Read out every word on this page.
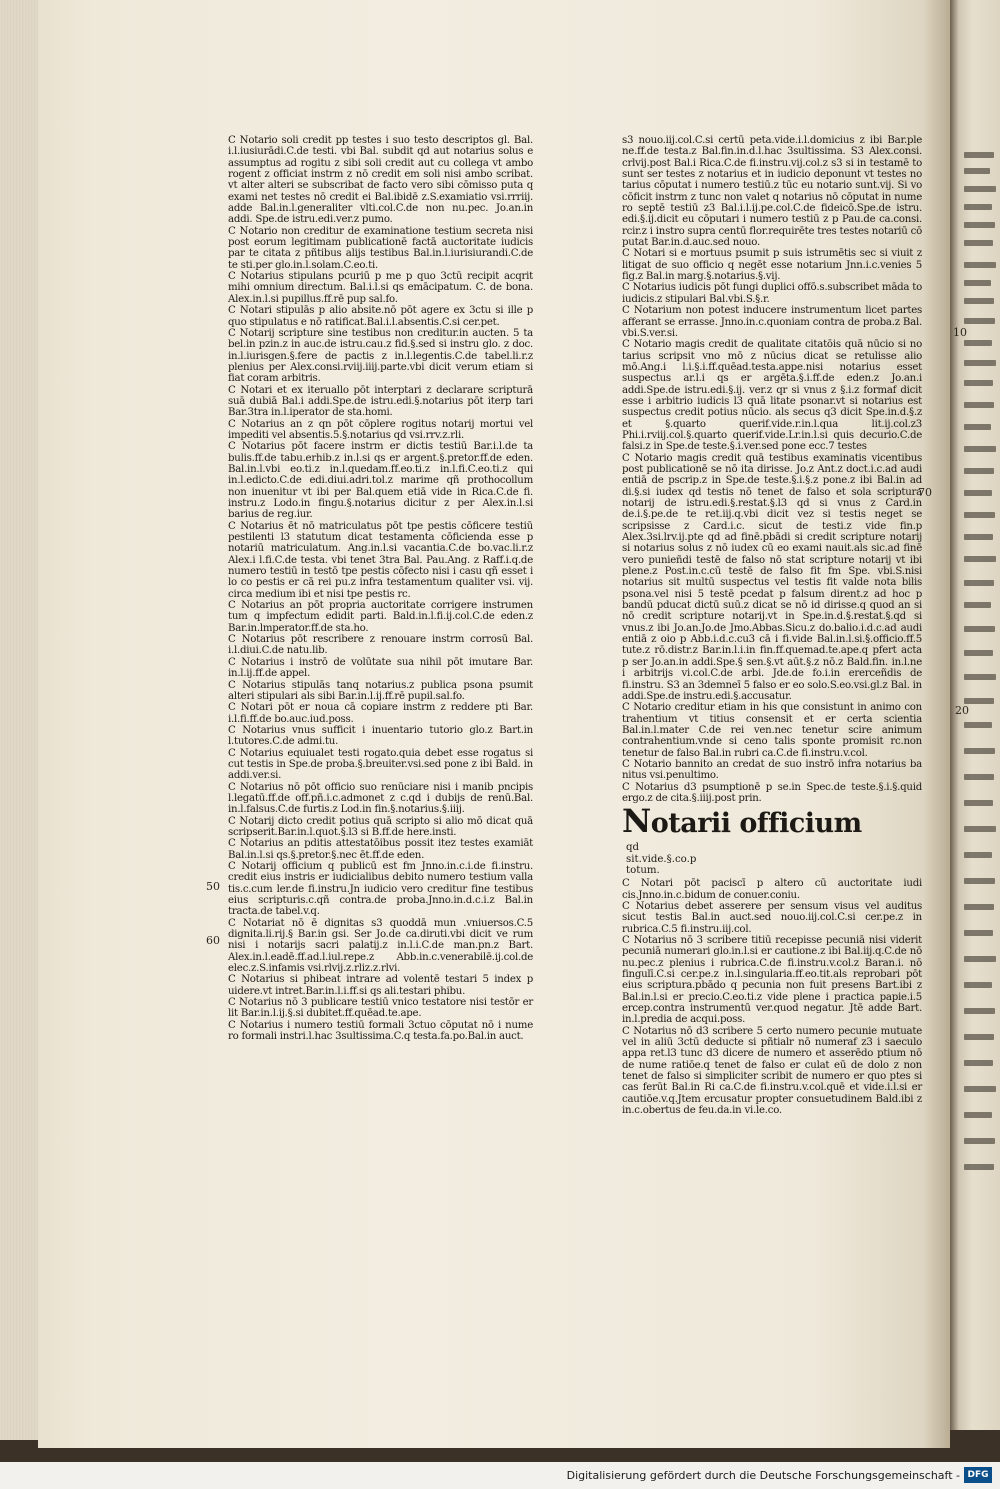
50
60
70

C Notario soli credit pp testes i suo testo descriptos gl. Bal. i.l.iusiurādi.C.de testi. vbi Bal. subdit qd aut notarius solus e assumptus ad rogitu z sibi soli credit aut cu collega vt ambo rogent z officiat instrm z nō credit em soli nisi ambo scribat. vt alter alteri se subscribat de facto vero sibi cōmisso puta q exami net testes nō credit ei Bal.ibidē z.S.examiatio vsi.rrriij. adde Bal.in.l.generaliter vlti.col.C.de non nu.pec. Jo.an.in addi. Spe.de istru.edi.ver.z pumo.

C Notario non creditur de examinatione testium secreta nisi post eorum legitimam publicationē factā auctoritate iudicis par te citata z pñtibus alijs testibus Bal.in.l.iurisiurandi.C.de te sti.per glo.in.l.solam.C.eo.ti.

C Notarius stipulans pcuriū p me p quo 3ctū recipit acqrit mihi omnium directum. Bal.i.l.si qs emācipatum. C. de bona. Alex.in.l.si pupillus.ff.rē pup sal.fo.

C Notari stipulās p alio absite.nō pōt agere ex 3ctu si ille p quo stipulatus e nō ratificat.Bal.i.l.absentis.C.si cer.pet.

C Notarij scripture sine testibus non creditur.in aucten. 5 ta bel.in pzin.z in auc.de istru.cau.z fid.§.sed si instru glo. z doc. in.l.iurisgen.§.fere de pactis z in.l.legentis.C.de tabel.li.r.z plenius per Alex.consi.rviij.iiij.parte.vbi dicit verum etiam si fiat coram arbitris.

C Notari et ex iteruallo pōt interptari z declarare scripturā suā dubiā Bal.i addi.Spe.de istru.edi.§.notarius pōt iterp tari Bar.3tra in.l.iperator de sta.homi.

C Notarius an z qn pōt cōplere rogitus notarij mortui vel impediti vel absentis.5.§.notarius qd vsi.rrv.z.rli.

C Notarius pōt facere instrm er dictis testiū Bar.i.l.de ta bulis.ff.de tabu.erhib.z in.l.si qs er argent.§.pretor.ff.de eden. Bal.in.l.vbi eo.ti.z in.l.quedam.ff.eo.ti.z in.l.fi.C.eo.ti.z qui in.l.edicto.C.de edi.diui.adri.tol.z marime qñ prothocollum non inuenitur vt ibi per Bal.quem etiā vide in Rica.C.de fi. instru.z Lodo.in fingu.§.notarius dicitur z per Alex.in.l.si barius de reg.iur.

C Notarius ēt nō matriculatus pōt tpe pestis cōficere testiū pestilenti l3 statutum dicat testamenta cōficienda esse p notariū matriculatum. Ang.in.l.si vacantia.C.de bo.vac.li.r.z Alex.i l.fi.C.de testa. vbi tenet 3tra Bal. Pau.Ang. z Raff.i.q.de numero testiū in testō tpe pestis cōfecto nisi i casu qñ esset i lo co pestis er cā rei pu.z infra testamentum qualiter vsi. vij. circa medium ibi et nisi tpe pestis rc.

C Notarius an pōt propria auctoritate corrigere instrumen tum q impfectum edidit parti. Bald.in.l.fi.ij.col.C.de eden.z Bar.in.lmperator.ff.de sta.ho.

C Notarius pōt rescribere z renouare instrm corrosū Bal. i.l.diui.C.de natu.lib.

C Notarius i instrō de volūtate sua nihil pōt imutare Bar. in.l.ij.ff.de appel.

C Notarius stipulās tanq notarius.z publica psona psumit alteri stipulari als sibi Bar.in.l.ij.ff.rē pupil.sal.fo.

C Notari pōt er noua cā copiare instrm z reddere pti Bar. i.l.fi.ff.de bo.auc.iud.poss.

C Notarius vnus sufficit i inuentario tutorio glo.z Bart.in l.tutores.C.de admi.tu.

C Notarius equiualet testi rogato.quia debet esse rogatus si cut testis in Spe.de proba.§.breuiter.vsi.sed pone z ibi Bald. in addi.ver.si.

C Notarius nō pōt officio suo renūciare nisi i manib pncipis l.legatū.ff.de off.pñ.i.c.admonet z c.qd i dubijs de renū.Bal. in.l.falsus.C.de furtis.z Lod.in fin.§.notarius.§.iiij.

C Notarij dicto credit potius quā scripto si alio mō dicat quā scripserit.Bar.in.l.quot.§.l3 si B.ff.de here.insti.

C Notarius an pditis attestatōibus possit itez testes examiāt Bal.in.l.si qs.§.pretor.§.nec ēt.ff.de eden.

C Notarij officium q publicū est fm Jnno.in.c.i.de fi.instru. credit eius instris er iudicialibus debito numero testium valla tis.c.cum ler.de fi.instru.Jn iudicio vero creditur fine testibus eius scripturis.c.qñ contra.de proba.Jnno.in.d.c.i.z Bal.in tracta.de tabel.v.q.

C Notariat nō ē dignitas s3 quoddā mun .vniuersos.C.5 dignita.li.rij.§ Bar.in gsi. Ser Jo.de ca.diruti.vbi dicit ve rum nisi i notarijs sacri palatij.z in.l.i.C.de man.pn.z Bart. Alex.in.l.eadē.ff.ad.l.iul.repe.z Abb.in.c.venerabilē.ij.col.de elec.z.S.infamis vsi.rlvij.z.rliz.z.rlvi.

C Notarius si phibeat intrare ad volentē testari 5 index p uidere.vt intret.Bar.in.l.i.ff.si qs ali.testari phibu.

C Notarius nō 3 publicare testiū vnico testatore nisi testōr er lit Bar.in.l.ij.§.si dubitet.ff.quēad.te.ape.

C Notarius i numero testiū formali 3ctuo cōputat nō i nume ro formali instri.l.hac 3sultissima.C.q testa.fa.po.Bal.in auct.

s3 nouo.iij.col.C.si certū peta.vide.i.l.domicius z ibi Bar.ple ne.ff.de testa.z Bal.fin.in.d.l.hac 3sultissima. S3 Alex.consi. crlvij.post Bal.i Rica.C.de fi.instru.vij.col.z s3 si in testamē to sunt ser testes z notarius et in iudicio deponunt vt testes no tarius cōputat i numero testiū.z tūc eu notario sunt.vij. Si vo cōficit instrm z tunc non valet q notarius nō cōputat in nume ro septē testiū z3 Bal.i.l.ij.pe.col.C.de fideicō.Spe.de istru. edi.§.ij.dicit eu cōputari i numero testiū z p Pau.de ca.consi. rcir.z i instro supra centū flor.requirēte tres testes notariū cō putat Bar.in.d.auc.sed nouo.

C Notari si e mortuus psumit p suis istrumētis sec si viuit z litigat de suo officio q negēt esse notarium Jnn.i.c.venies 5 fig.z Bal.in marg.§.notarius.§.vij.

C Notarius iudicis pōt fungi duplici offō.s.subscribet māda to iudicis.z stipulari Bal.vbi.S.§.r.

C Notarium non potest inducere instrumentum licet partes afferant se errasse. Jnno.in.c.quoniam contra de proba.z Bal. vbi.S.ver.si.

C Notario magis credit de qualitate citatōis quā nūcio si no tarius scripsit vno mō z nūcius dicat se retulisse alio mō.Ang.i l.i.§.i.ff.quēad.testa.appe.nisi notarius esset suspectus ar.l.i qs er argēta.§.i.ff.de eden.z Jo.an.i addi.Spe.de istru.edi.§.ij. ver.z qr si vnus z §.i.z formaf dicit esse i arbitrio iudicis l3 quā litate psonar.vt si notarius est suspectus credit potius nūcio. als secus q3 dicit Spe.in.d.§.z et §.quarto querif.vide.r.in.l.qua lit.ij.col.z3 Phi.i.rviij.col.§.quarto querif.vide.Lr.in.l.si quis decurio.C.de falsi.z in Spe.de teste.§.i.ver.sed pone ecc.7 testes

C Notario magis credit quā testibus examinatis vicentibus post publicationē se nō ita dirisse. Jo.z Ant.z doct.i.c.ad audi entiā de pscrip.z in Spe.de teste.§.i.§.z pone.z ibi Bal.in ad di.§.si iudex qd testis nō tenet de falso et sola scriptura notarij de istru.edi.§.restat.§.l3 qd si vnus z Card.in de.i.§.pe.de te ret.iij.q.vbi dicit vez si testis neget se scripsisse z Card.i.c. sicut de testi.z vide fin.p Alex.3si.lrv.ij.pte qd ad finē.pbādi si credit scripture notarij si notarius solus z nō iudex cū eo exami nauit.als sic.ad finē vero punieñdi testē de falso nō stat scripture notarij vt ibi plene.z Post.in.c.cū testē de falso fit fm Spe. vbi.S.nisi notarius sit multū suspectus vel testis fit valde nota bilis psona.vel nisi 5 testē pcedat p falsum dirent.z ad hoc p bandū pducat dictū suū.z dicat se nō id dirisse.q quod an si nō credit scripture notarij.vt in Spe.in.d.§.restat.§.qd si vnus.z ibi Jo.an.Jo.de Jmo.Abbas.Sicu.z do.balio.i.d.c.ad audi entiā z oio p Abb.i.d.c.cu3 cā i fi.vide Bal.in.l.si.§.officio.ff.5 tute.z rō.distr.z Bar.in.l.i.in fin.ff.quemad.te.ape.q pfert acta p ser Jo.an.in addi.Spe.§ sen.§.vt aūt.§.z nō.z Bald.fin. in.l.ne i arbitrijs vi.col.C.de arbi. Jde.de fo.i.in ererceñdis de fi.instru. S3 an 3demneī 5 falso er eo solo.S.eo.vsi.gl.z Bal. in addi.Spe.de instru.edi.§.accusatur.

C Notario creditur etiam in his que consistunt in animo con trahentium vt titius consensit et er certa scientia Bal.in.l.mater C.de rei ven.nec tenetur scire animum contrahentium.vnde si ceno talis sponte promisit rc.non tenetur de falso Bal.in rubri ca.C.de fi.instru.v.col.

C Notario bannito an credat de suo instrō infra notarius ba nitus vsi.penultimo.

C Notarius d3 psumptionē p se.in Spec.de teste.§.i.§.quid ergo.z de cita.§.iiij.post prin.

Notarii officiumqd sit.vide.§.co.p totum.

C Notari pōt paciscī p altero cū auctoritate iudi cis.Jnno.in.c.bidum de conuer.coniu.

C Notarius debet asserere per sensum visus vel auditus sicut testis Bal.in auct.sed nouo.iij.col.C.si cer.pe.z in rubrica.C.5 fi.instru.iij.col.

C Notarius nō 3 scribere titiū recepisse pecuniā nisi viderit pecuniā numerari glo.in.l.si er cautione.z ibi Bal.iij.q.C.de nō nu.pec.z plenius i rubrica.C.de fi.instru.v.col.z Baran.i. nō fingulī.C.si cer.pe.z in.l.singularia.ff.eo.tit.als reprobari pōt eius scriptura.pbādo q pecunia non fuit presens Bart.ibi z Bal.in.l.si er precio.C.eo.ti.z vide plene i practica papie.i.5 ercep.contra instrumentū ver.quod negatur. Jtē adde Bart. in.l.predia de acqui.poss.

C Notarius nō d3 scribere 5 certo numero pecunie mutuate vel in aliū 3ctū deducte si pñtialr nō numeraf z3 i saeculo appa ret.l3 tunc d3 dicere de numero et asserēdo ptium nō de nume ratiōe.q tenet de falso er culat eū de dolo z non tenet de falso si simpliciter scribit de numero er quo ptes si cas ferūt Bal.in Ri ca.C.de fi.instru.v.col.quē et vide.i.l.si er cautiōe.v.q.Jtem ercusatur propter consuetudinem Bald.ibi z in.c.obertus de feu.da.in vi.le.co.

10
20
Digitalisierung gefördert durch die Deutsche Forschungsgemeinschaft - DFG
